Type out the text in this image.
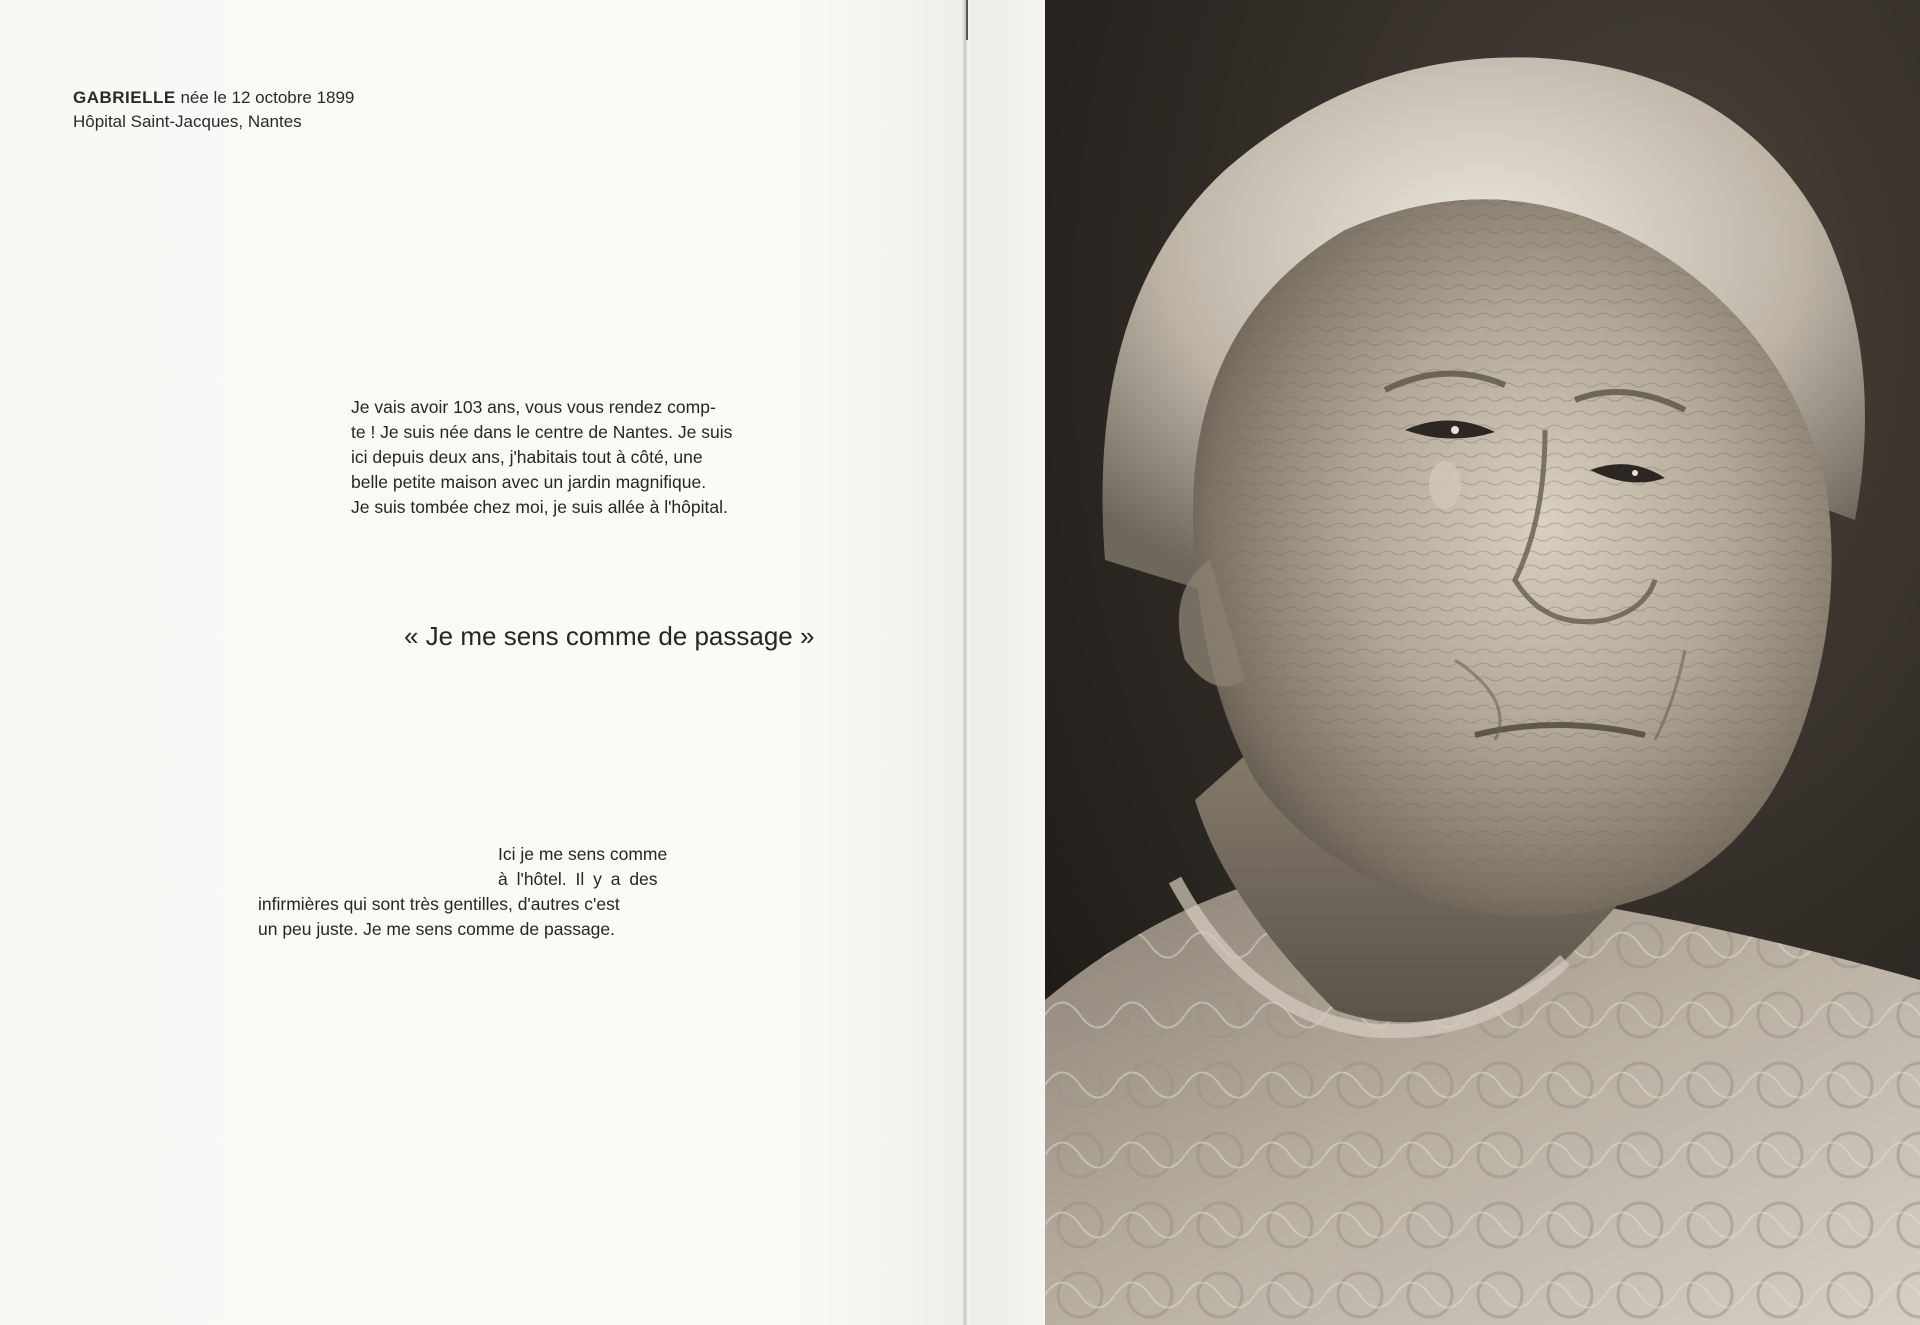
GABRIELLE née le 12 octobre 1899
Hôpital Saint-Jacques, Nantes
Je vais avoir 103 ans, vous vous rendez comp-
te ! Je suis née dans le centre de Nantes. Je suis
ici depuis deux ans, j'habitais tout à côté, une
belle petite maison avec un jardin magnifique.
Je suis tombée chez moi, je suis allée à l'hôpital.
« Je me sens comme de passage »
Ici je me sens comme
à l'hôtel. Il y a des
infirmières qui sont très gentilles, d'autres c'est
un peu juste. Je me sens comme de passage.
